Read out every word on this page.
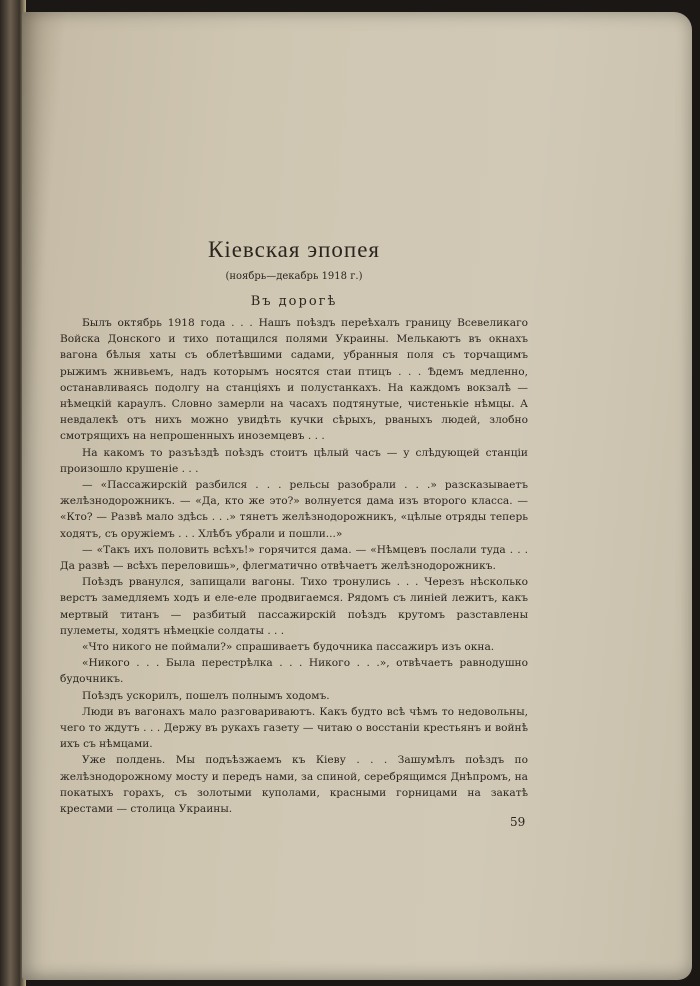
Кіевская эпопея
(ноябрь—декабрь 1918 г.)
Въ дорогѣ

Былъ октябрь 1918 года . . . Нашъ поѣздъ переѣхалъ границу Всевеликаго Войска Донского и тихо потащился полями Украины. Мелькаютъ въ окнахъ вагона бѣлыя хаты съ облетѣвшими садами, убранныя поля съ торчащимъ рыжимъ жнивьемъ, надъ которымъ носятся стаи птицъ . . . Ѣдемъ медленно, останавливаясь подолгу на станціяхъ и полустанкахъ. На каждомъ вокзалѣ — нѣмецкій караулъ. Словно замерли на часахъ подтянутые, чистенькіе нѣмцы. А невдалекѣ отъ нихъ можно увидѣть кучки сѣрыхъ, рваныхъ людей, злобно смотрящихъ на непрошенныхъ иноземцевъ . . .

На какомъ то разъѣздѣ поѣздъ стоитъ цѣлый часъ — у слѣдующей станціи произошло крушеніе . . .

— «Пассажирскій разбился . . . рельсы разобрали . . .» разсказываетъ желѣзнодорожникъ. — «Да, кто же это?» волнуется дама изъ второго класса. — «Кто? — Развѣ мало здѣсь . . .» тянетъ желѣзнодорожникъ, «цѣлые отряды теперь ходятъ, съ оружіемъ . . . Хлѣбъ убрали и пошли...»

— «Такъ ихъ половить всѣхъ!» горячится дама. — «Нѣмцевъ послали туда . . . Да развѣ — всѣхъ переловишь», флегматично отвѣчаетъ желѣзнодорожникъ.

Поѣздъ рванулся, запищали вагоны. Тихо тронулись . . . Черезъ нѣсколько верстъ замедляемъ ходъ и еле-еле продвигаемся. Рядомъ съ линіей лежитъ, какъ мертвый титанъ — разбитый пассажирскій поѣздъ крутомъ разставлены пулеметы, ходятъ нѣмецкіе солдаты . . .

«Что никого не поймали?» спрашиваетъ будочника пассажиръ изъ окна.

«Никого . . . Была перестрѣлка . . . Никого . . .», отвѣчаетъ равнодушно будочникъ.

Поѣздъ ускорилъ, пошелъ полнымъ ходомъ.

Люди въ вагонахъ мало разговариваютъ. Какъ будто всѣ чѣмъ то недовольны, чего то ждутъ . . . Держу въ рукахъ газету — читаю о восстаніи крестьянъ и войнѣ ихъ съ нѣмцами.

Уже полдень. Мы подъѣзжаемъ къ Кіеву . . . Зашумѣлъ поѣздъ по желѣзнодорожному мосту и передъ нами, за спиной, серебрящимся Днѣпромъ, на покатыхъ горахъ, съ золотыми куполами, красными горницами на закатѣ крестами — столица Украины.

59
